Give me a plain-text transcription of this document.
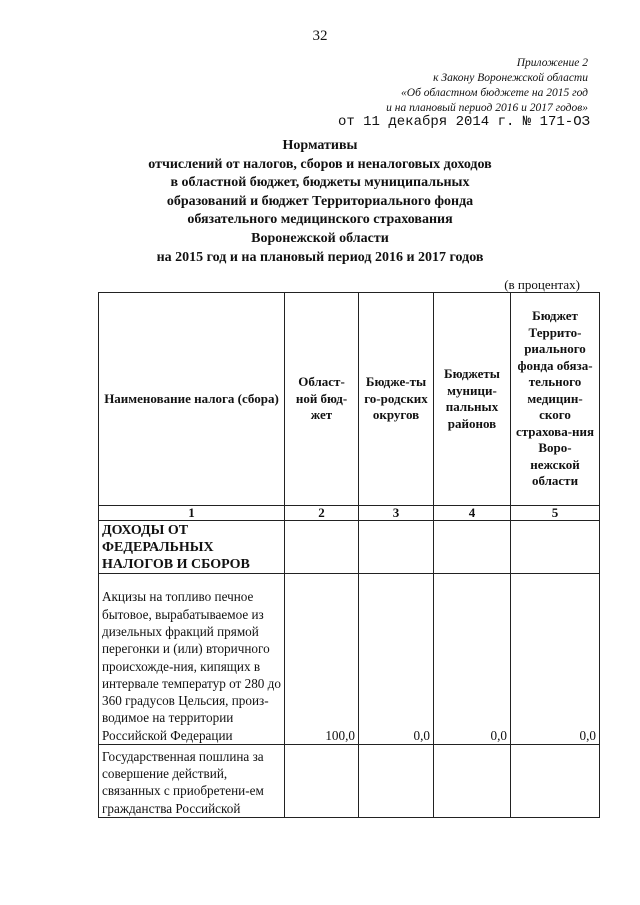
32
Приложение 2
к Закону Воронежской области
«Об областном бюджете на 2015 год
и на плановый период 2016 и 2017 годов»
от 11 декабря 2014 г. № 171-ОЗ
Нормативы
отчислений от налогов, сборов и неналоговых доходов
в областной бюджет, бюджеты муниципальных
образований и бюджет Территориального фонда
обязательного медицинского страхования
Воронежской области
на 2015 год и на плановый период 2016 и 2017 годов
(в процентах)
Наименование налога (сбора)	Област-ной бюд-жет	Бюдже-ты го-родских округов	Бюджеты муници-пальных районов	Бюджет Террито-риального фонда обяза-тельного медицин-ского страхова-ния Воро-нежской области
1	2	3	4	5
ДОХОДЫ ОТ ФЕДЕРАЛЬНЫХ НАЛОГОВ И СБОРОВ				
Акцизы на топливо печное бытовое, вырабатываемое из дизельных фракций прямой перегонки и (или) вторичного происхожде-ния, кипящих в интервале температур от 280 до 360 градусов Цельсия, произ-водимое на территории Российской Федерации	100,0	0,0	0,0	0,0
Государственная пошлина за совершение действий, связанных с приобретени-ем гражданства Российской				
